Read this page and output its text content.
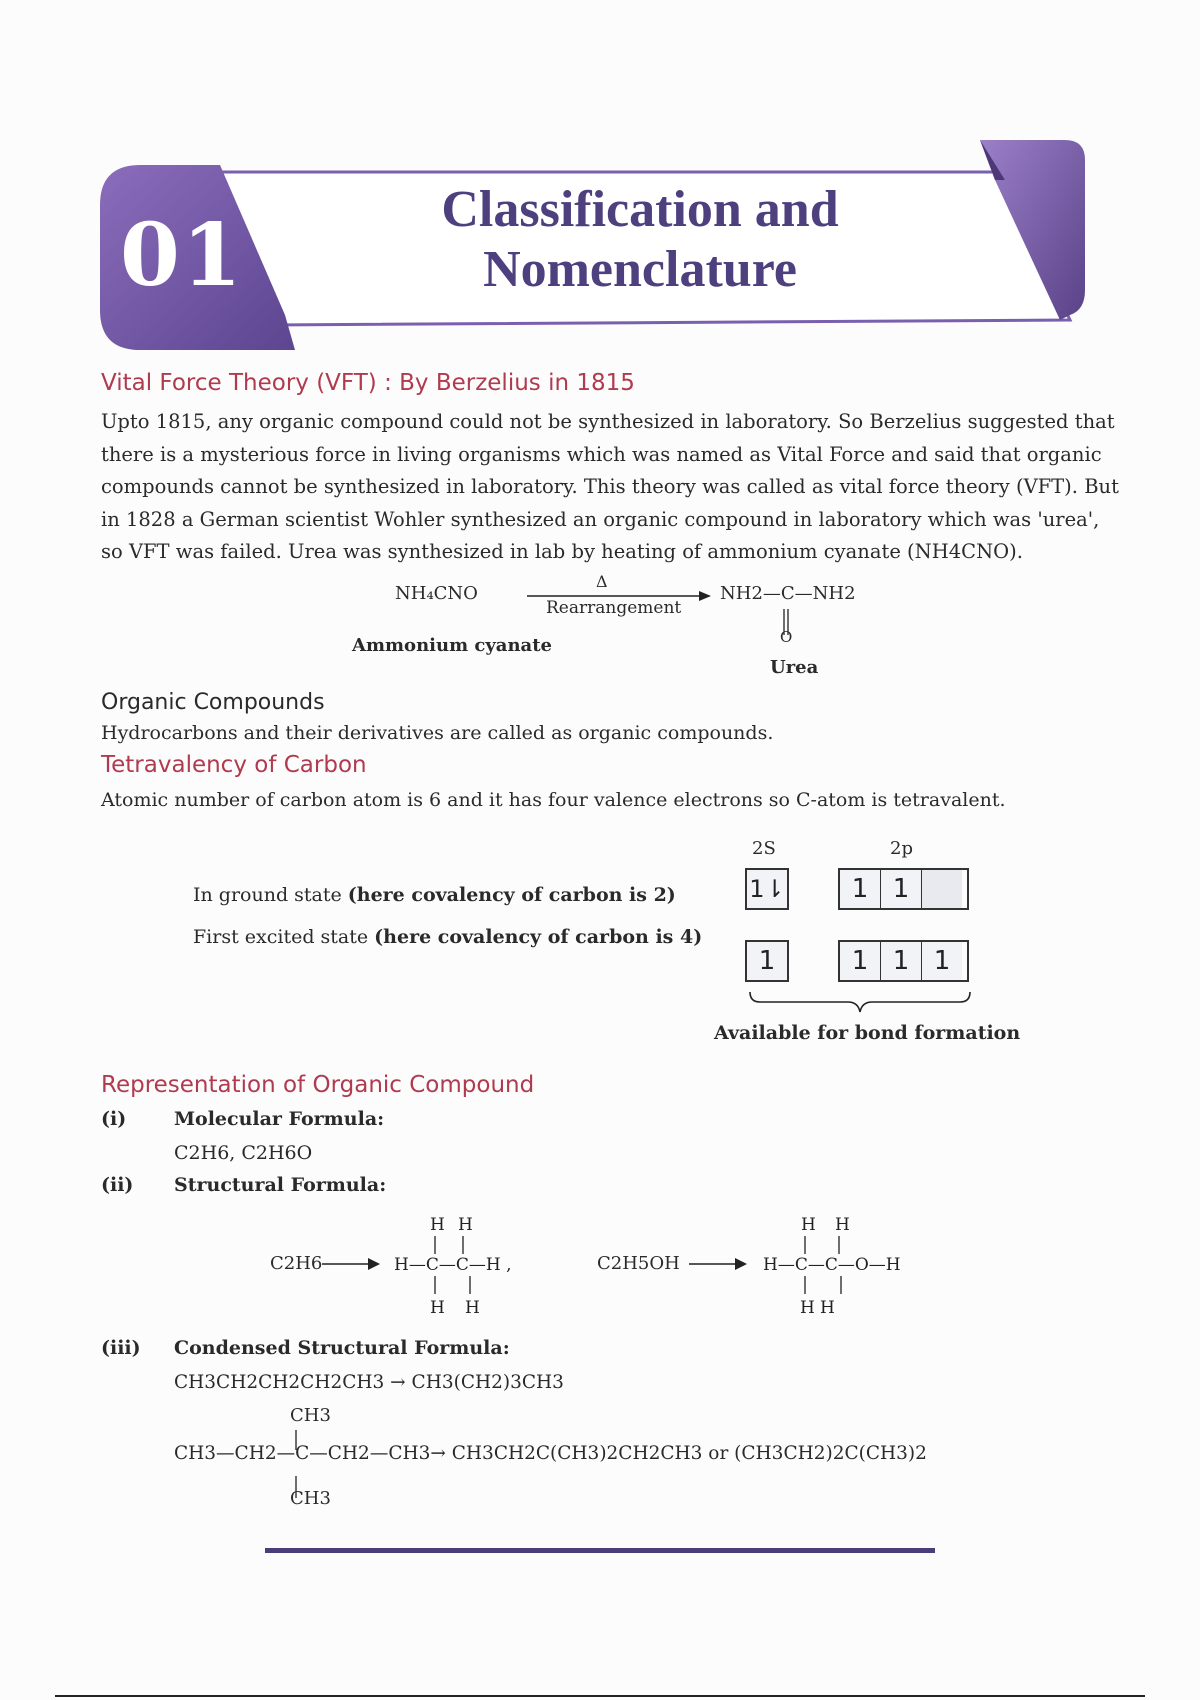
01	Classification and
Nomenclature
Vital Force Theory (VFT) : By Berzelius in 1815
Upto 1815, any organic compound could not be synthesized in laboratory. So Berzelius suggested that
there is a mysterious force in living organisms which was named as Vital Force and said that organic
compounds cannot be synthesized in laboratory. This theory was called as vital force theory (VFT). But
in 1828 a German scientist Wohler synthesized an organic compound in laboratory which was 'urea',
so VFT was failed. Urea was synthesized in lab by heating of ammonium cyanate (NH4CNO).
NH₄CNO
Δ
Rearrangement
NH2—C—NH2
O
Ammonium cyanate
Urea
Organic Compounds
Hydrocarbons and their derivatives are called as organic compounds.
Tetravalency of Carbon
Atomic number of carbon atom is 6 and it has four valence electrons so C-atom is tetravalent.
2S	2p
In ground state (here covalency of carbon is 2)
First excited state (here covalency of carbon is 4)
1⇂	1 1
1	1 1 1
Available for bond formation
Representation of Organic Compound
(i)	Molecular Formula:
C2H6, C2H6O
(ii) Structural Formula:
C2H6	H—C—C—H ,
H H
H H
C2H5OH	H—C—C—O—H
H H
H H
(iii) Condensed Structural Formula:
CH3CH2CH2CH2CH3 → CH3(CH2)3CH3
CH3
CH3—CH2—C—CH2—CH3→ CH3CH2C(CH3)2CH2CH3 or (CH3CH2)2C(CH3)2
CH3
